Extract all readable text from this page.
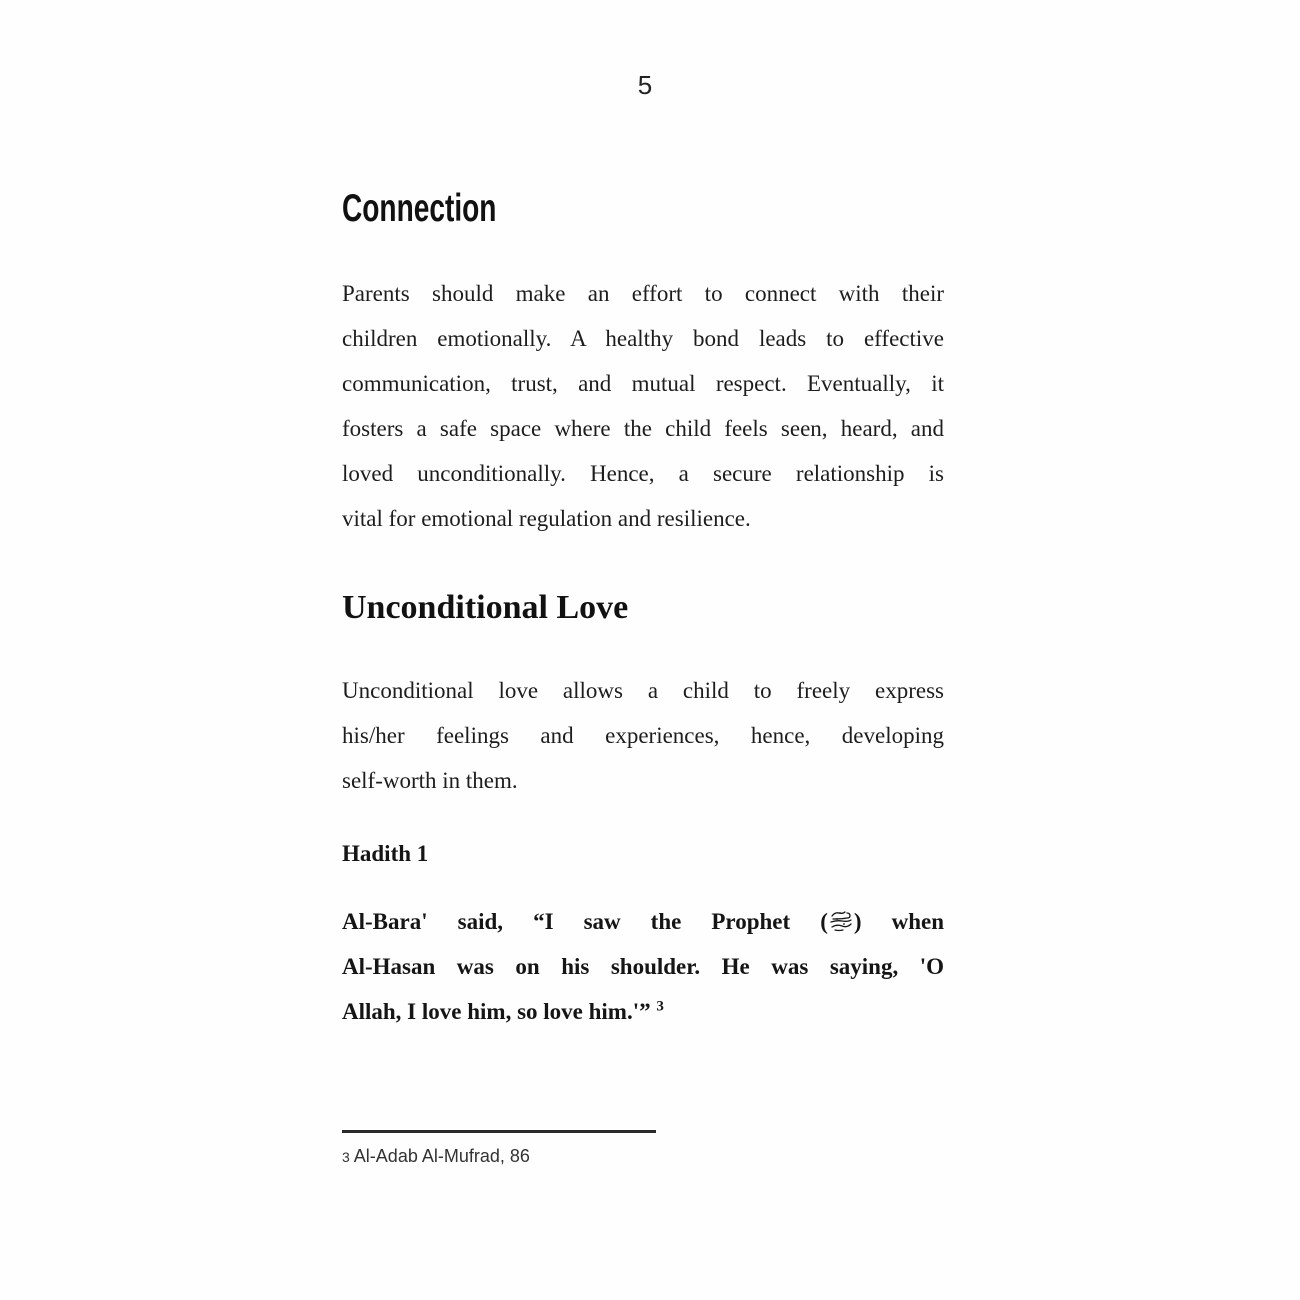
5
Connection
Parents should make an effort to connect with their
children emotionally. A healthy bond leads to effective
communication, trust, and mutual respect. Eventually, it
fosters a safe space where the child feels seen, heard, and
loved unconditionally. Hence, a secure relationship is
vital for emotional regulation and resilience.
Unconditional Love
Unconditional love allows a child to freely express
his/her feelings and experiences, hence, developing
self-worth in them.
Hadith 1
Al-Bara' said, “I saw the Prophet ( ) when
Al-Hasan was on his shoulder. He was saying, 'O
Allah, I love him, so love him.'” $^3$
3 Al-Adab Al-Mufrad, 86
